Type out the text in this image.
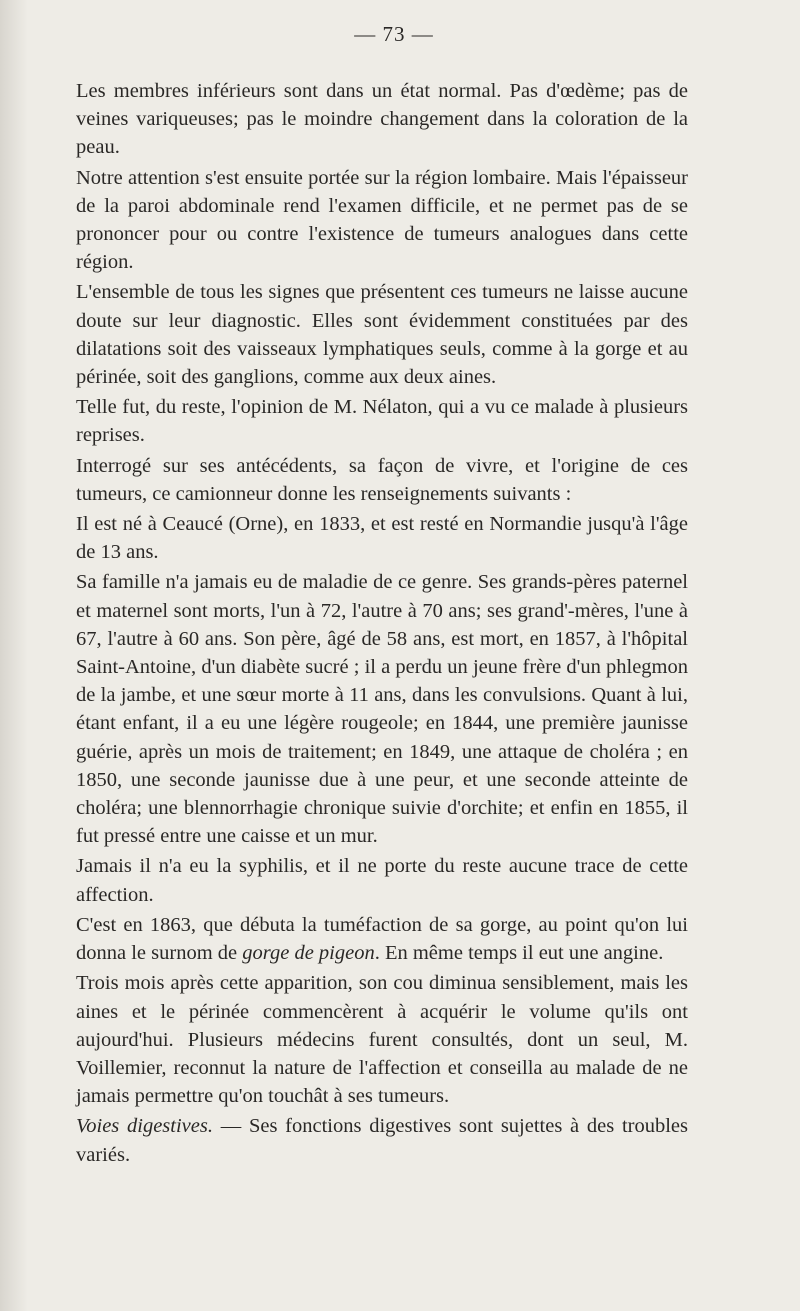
— 73 —

Les membres inférieurs sont dans un état normal. Pas d'œdème; pas de veines variqueuses; pas le moindre changement dans la coloration de la peau.

Notre attention s'est ensuite portée sur la région lombaire. Mais l'épaisseur de la paroi abdominale rend l'examen difficile, et ne permet pas de se prononcer pour ou contre l'existence de tumeurs analogues dans cette région.

L'ensemble de tous les signes que présentent ces tumeurs ne laisse aucune doute sur leur diagnostic. Elles sont évidemment constituées par des dilatations soit des vaisseaux lymphatiques seuls, comme à la gorge et au périnée, soit des ganglions, comme aux deux aines.

Telle fut, du reste, l'opinion de M. Nélaton, qui a vu ce malade à plusieurs reprises.

Interrogé sur ses antécédents, sa façon de vivre, et l'origine de ces tumeurs, ce camionneur donne les renseignements suivants :

Il est né à Ceaucé (Orne), en 1833, et est resté en Normandie jusqu'à l'âge de 13 ans.

Sa famille n'a jamais eu de maladie de ce genre. Ses grands-pères paternel et maternel sont morts, l'un à 72, l'autre à 70 ans; ses grand'-mères, l'une à 67, l'autre à 60 ans. Son père, âgé de 58 ans, est mort, en 1857, à l'hôpital Saint-Antoine, d'un diabète sucré ; il a perdu un jeune frère d'un phlegmon de la jambe, et une sœur morte à 11 ans, dans les convulsions. Quant à lui, étant enfant, il a eu une légère rougeole; en 1844, une première jaunisse guérie, après un mois de traitement; en 1849, une attaque de choléra ; en 1850, une seconde jaunisse due à une peur, et une seconde atteinte de choléra; une blennorrhagie chronique suivie d'orchite; et enfin en 1855, il fut pressé entre une caisse et un mur.

Jamais il n'a eu la syphilis, et il ne porte du reste aucune trace de cette affection.

C'est en 1863, que débuta la tuméfaction de sa gorge, au point qu'on lui donna le surnom de gorge de pigeon. En même temps il eut une angine.

Trois mois après cette apparition, son cou diminua sensiblement, mais les aines et le périnée commencèrent à acquérir le volume qu'ils ont aujourd'hui. Plusieurs médecins furent consultés, dont un seul, M. Voillemier, reconnut la nature de l'affection et conseilla au malade de ne jamais permettre qu'on touchât à ses tumeurs.

Voies digestives. — Ses fonctions digestives sont sujettes à des troubles variés.
